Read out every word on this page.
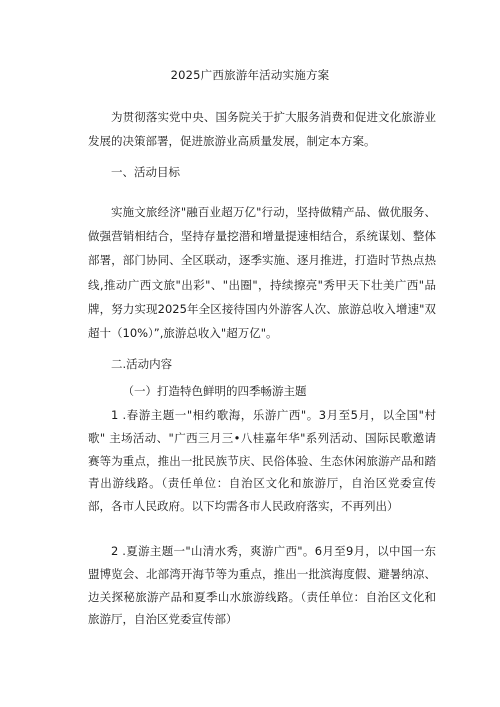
2025广西旅游年活动实施方案
为贯彻落实党中央、国务院关于扩大服务消费和促进文化旅游业发展的决策部署，促进旅游业高质量发展，制定本方案。
一、活动目标
实施文旅经济"融百业超万亿"行动，坚持做精产品、做优服务、做强营销相结合，坚持存量挖潜和增量提速相结合，系统谋划、整体部署，部门协同、全区联动，逐季实施、逐月推进，打造时节热点热线,推动广西文旅"出彩"、"出圈"，持续擦亮"秀甲天下壮美广西"品牌，努力实现2025年全区接待国内外游客人次、旅游总收入增速"双超十（10%）”,旅游总收入"超万亿"。
二.活动内容
（一）打造特色鲜明的四季畅游主题
1 .春游主题一"相约歌海，乐游广西"。3月至5月，以全国"村歌" 主场活动、"广西三月三•八桂嘉年华"系列活动、国际民歌邀请赛等为重点，推出一批民族节庆、民俗体验、生态休闲旅游产品和踏青出游线路。（责任单位：自治区文化和旅游厅，自治区党委宣传部，各市人民政府。以下均需各市人民政府落实，不再列出）
2 .夏游主题一"山清水秀，爽游广西"。6月至9月，以中国一东盟博览会、北部湾开海节等为重点，推出一批滨海度假、避暑纳凉、边关探秘旅游产品和夏季山水旅游线路。（责任单位：自治区文化和旅游厅，自治区党委宣传部）
